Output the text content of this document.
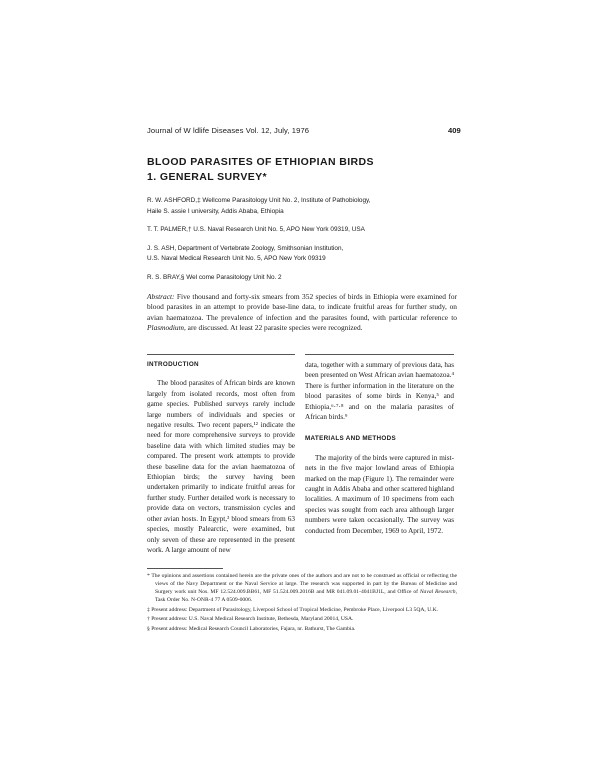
Journal of W ldlife Diseases Vol. 12, July, 1976	409
BLOOD PARASITES OF ETHIOPIAN BIRDS
1. GENERAL SURVEY*

R. W. ASHFORD,‡ Wellcome Parasitology Unit No. 2, Institute of Pathobiology,
Haile S. assie I university, Addis Ababa, Ethiopia

T. T. PALMER,† U.S. Naval Research Unit No. 5, APO New York 09319, USA

J. S. ASH, Department of Vertebrate Zoology, Smithsonian Institution,
U.S. Naval Medical Research Unit No. 5, APO New York 09319

R. S. BRAY,§ Wel come Parasitology Unit No. 2

Abstract: Five thousand and forty-six smears from 352 species of birds in Ethiopia were examined for blood parasites in an attempt to provide base-line data, to indicate fruitful areas for further study, on avian haematozoa. The prevalence of infection and the parasites found, with particular reference to Plasmodium, are discussed. At least 22 parasite species were recognized.
INTRODUCTION

The blood parasites of African birds are known largely from isolated records, most often from game species. Published surveys rarely include large numbers of individuals and species or negative results. Two recent papers,¹² indicate the need for more comprehensive surveys to provide baseline data with which limited studies may be compared. The present work attempts to provide these baseline data for the avian haematozoa of Ethiopian birds; the survey having been undertaken primarily to indicate fruitful areas for further study. Further detailed work is necessary to provide data on vectors, transmission cycles and other avian hosts. In Egypt,³ blood smears from 63 species, mostly Palearctic, were examined, but only seven of these are represented in the present work. A large amount of new

data, together with a summary of previous data, has been presented on West African avian haematozoa.⁴ There is further information in the literature on the blood parasites of some birds in Kenya,⁵ and Ethiopia,⁶·⁷·⁸ and on the malaria parasites of African birds.⁹

MATERIALS AND METHODS

The majority of the birds were captured in mist-nets in the five major lowland areas of Ethiopia marked on the map (Figure 1). The remainder were caught in Addis Ababa and other scattered highland localities. A maximum of 10 specimens from each species was sought from each area although larger numbers were taken occasionally. The survey was conducted from December, 1969 to April, 1972.

* The opinions and assertions contained herein are the private ones of the authors and are not to be construed as official or reflecting the views of the Navy Department or the Naval Service at large. The research was supported in part by the Bureau of Medicine and Surgery work unit Nos. MF 12.524.009.BB61, MF 51.524.009.2016B and MR 041.09.01-4041BJ1L, and Office of Naval Research, Task Order No. N-ONR-4 77 A 0509-0006.

‡ Present address: Department of Parasitology, Liverpool School of Tropical Medicine, Pembroke Place, Liverpool L3 5QA, U.K.

† Present address: U.S. Naval Medical Research Institute, Bethesda, Maryland 20014, USA.

§ Present address: Medical Research Council Laboratories, Fajara, nr. Bathurst, The Gambia.
